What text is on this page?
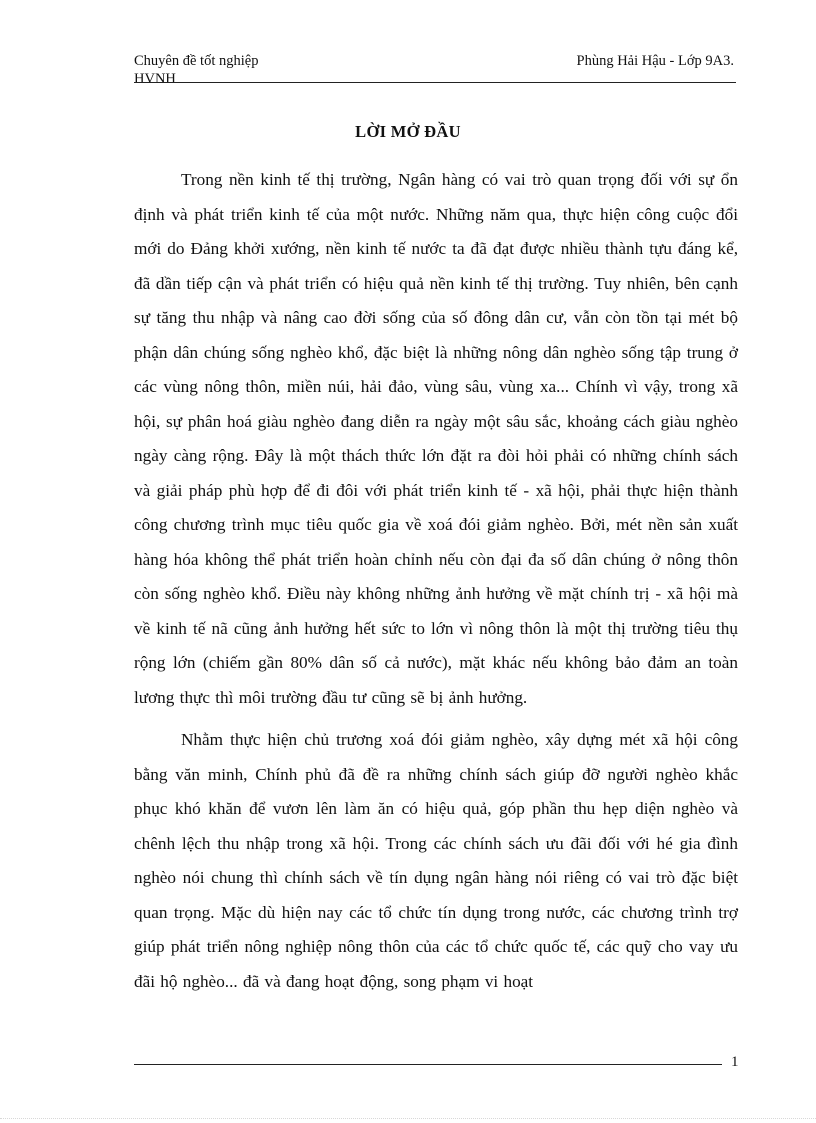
Chuyên đề tốt nghiệp
HVNH
Phùng Hải Hậu - Lớp 9A3.
LỜI MỞ ĐẦU

Trong nền kinh tế thị trường, Ngân hàng có vai trò quan trọng đối với sự ổn định và phát triển kinh tế của một nước. Những năm qua, thực hiện công cuộc đổi mới do Đảng khởi xướng, nền kinh tế nước ta đã đạt được nhiều thành tựu đáng kể, đã dần tiếp cận và phát triển có hiệu quả nền kinh tế thị trường. Tuy nhiên, bên cạnh sự tăng thu nhập và nâng cao đời sống của số đông dân cư, vẫn còn tồn tại mét bộ phận dân chúng sống nghèo khổ, đặc biệt là những nông dân nghèo sống tập trung ở các vùng nông thôn, miền núi, hải đảo, vùng sâu, vùng xa... Chính vì vậy, trong xã hội, sự phân hoá giàu nghèo đang diễn ra ngày một sâu sắc, khoảng cách giàu nghèo ngày càng rộng. Đây là một thách thức lớn đặt ra đòi hỏi phải có những chính sách và giải pháp phù hợp để đi đôi với phát triển kinh tế - xã hội, phải thực hiện thành công chương trình mục tiêu quốc gia về xoá đói giảm nghèo. Bởi, mét nền sản xuất hàng hóa không thể phát triển hoàn chỉnh nếu còn đại đa số dân chúng ở nông thôn còn sống nghèo khổ. Điều này không những ảnh hưởng về mặt chính trị - xã hội mà về kinh tế nã cũng ảnh hưởng hết sức to lớn vì nông thôn là một thị trường tiêu thụ rộng lớn (chiếm gần 80% dân số cả nước), mặt khác nếu không bảo đảm an toàn lương thực thì môi trường đầu tư cũng sẽ bị ảnh hưởng.

Nhằm thực hiện chủ trương xoá đói giảm nghèo, xây dựng mét xã hội công bằng văn minh, Chính phủ đã đề ra những chính sách giúp đỡ người nghèo khắc phục khó khăn để vươn lên làm ăn có hiệu quả, góp phần thu hẹp diện nghèo và chênh lệch thu nhập trong xã hội. Trong các chính sách ưu đãi đối với hé gia đình nghèo nói chung thì chính sách về tín dụng ngân hàng nói riêng có vai trò đặc biệt quan trọng. Mặc dù hiện nay các tổ chức tín dụng trong nước, các chương trình trợ giúp phát triển nông nghiệp nông thôn của các tổ chức quốc tế, các quỹ cho vay ưu đãi hộ nghèo... đã và đang hoạt động, song phạm vi hoạt

1
